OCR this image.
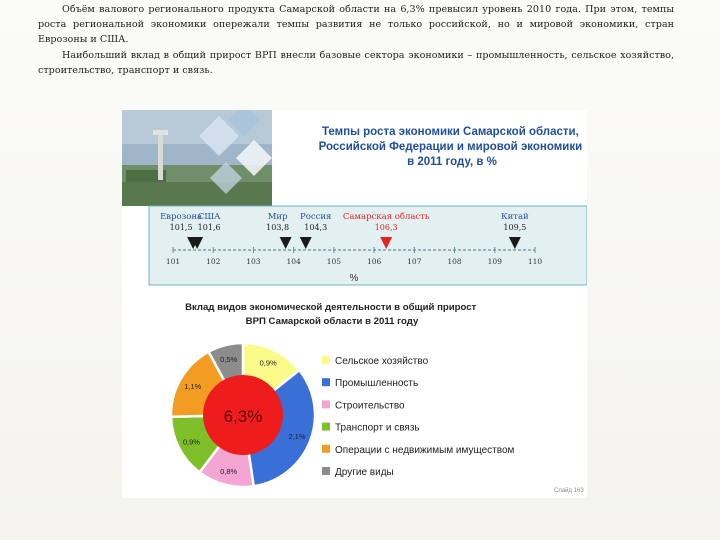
Объём валового регионального продукта Самарской области на 6,3% превысил уровень 2010 года. При этом, темпы роста региональной экономики опережали темпы развития не только российской, но и мировой экономики, стран Еврозоны и США.

Наибольший вклад в общий прирост ВРП внесли базовые сектора экономики – промышленность, сельское хозяйство, строительство, транспорт и связь.

Темпы роста экономики Самарской области, Российской Федерации и мировой экономики в 2011 году, в %
101	102	103	104	105	106	107	108	109	110
Еврозона
101,5
США
101,6
Мир
103,8
Россия
104,3
Самарская область
106,3
Китай
109,5
%
Вклад видов экономической деятельности в общий прирост ВРП Самарской области в 2011 году
0,9%
2,1%
0,8%
0,9%
1,1%
0,5%
6,3%
Сельское хозяйство
Промышленность
Строительство
Транспорт и связь
Операции с недвижимым имуществом
Другие виды
Слайд 163
